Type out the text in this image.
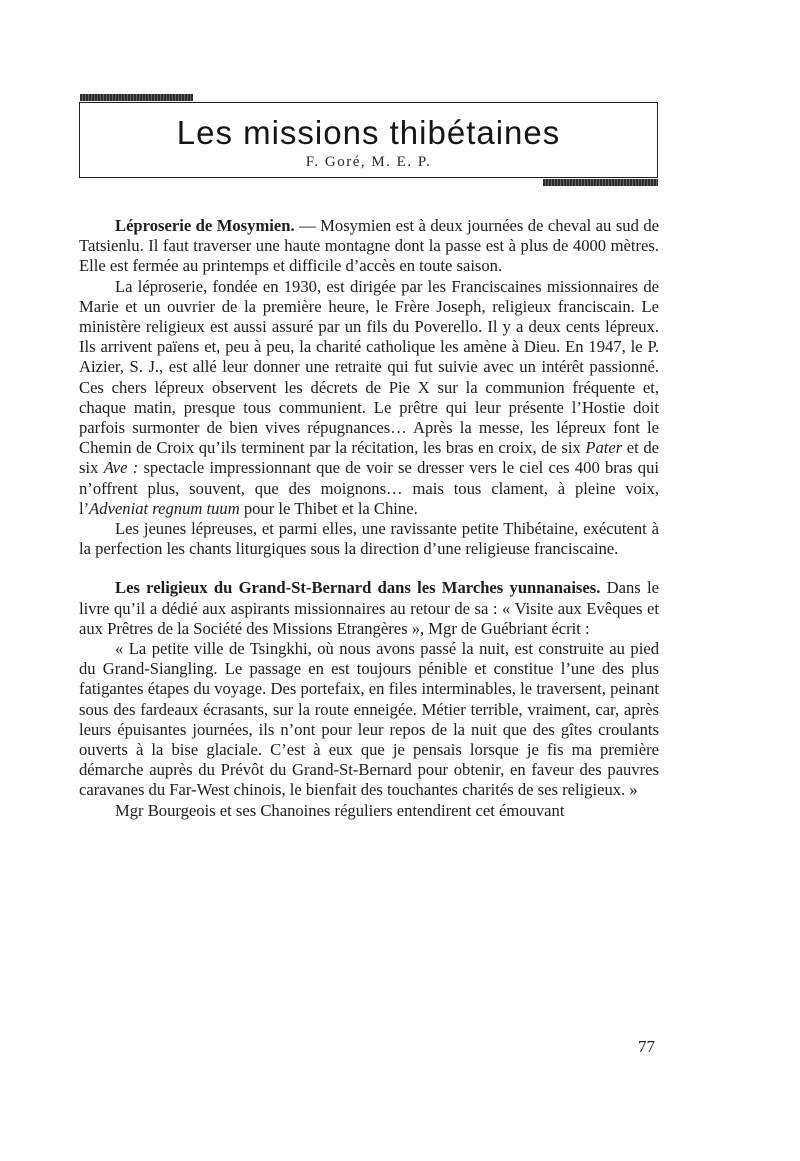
Les missions thibétaines
F. Goré, M. E. P.

Léproserie de Mosymien. — Mosymien est à deux journées de cheval au sud de Tatsienlu. Il faut traverser une haute montagne dont la passe est à plus de 4000 mètres. Elle est fermée au printemps et difficile d’accès en toute saison.

La léproserie, fondée en 1930, est dirigée par les Franciscaines missionnaires de Marie et un ouvrier de la première heure, le Frère Joseph, religieux franciscain. Le ministère religieux est aussi assuré par un fils du Poverello. Il y a deux cents lépreux. Ils arrivent païens et, peu à peu, la charité catholique les amène à Dieu. En 1947, le P. Aizier, S. J., est allé leur donner une retraite qui fut suivie avec un intérêt passionné. Ces chers lépreux observent les décrets de Pie X sur la communion fréquente et, chaque matin, presque tous communient. Le prêtre qui leur présente l’Hostie doit parfois surmonter de bien vives répugnances… Après la messe, les lépreux font le Chemin de Croix qu’ils terminent par la récitation, les bras en croix, de six Pater et de six Ave : spectacle impressionnant que de voir se dresser vers le ciel ces 400 bras qui n’offrent plus, souvent, que des moignons… mais tous clament, à pleine voix, l’Adveniat regnum tuum pour le Thibet et la Chine.

Les jeunes lépreuses, et parmi elles, une ravissante petite Thibétaine, exécutent à la perfection les chants liturgiques sous la direction d’une religieuse franciscaine.

Les religieux du Grand-St-Bernard dans les Marches yunnanaises. Dans le livre qu’il a dédié aux aspirants missionnaires au retour de sa : « Visite aux Evêques et aux Prêtres de la Société des Missions Etrangères », Mgr de Guébriant écrit :

« La petite ville de Tsingkhi, où nous avons passé la nuit, est construite au pied du Grand-Siangling. Le passage en est toujours pénible et constitue l’une des plus fatigantes étapes du voyage. Des portefaix, en files interminables, le traversent, peinant sous des fardeaux écrasants, sur la route enneigée. Métier terrible, vraiment, car, après leurs épuisantes journées, ils n’ont pour leur repos de la nuit que des gîtes croulants ouverts à la bise glaciale. C’est à eux que je pensais lorsque je fis ma première démarche auprès du Prévôt du Grand-St-Bernard pour obtenir, en faveur des pauvres caravanes du Far-West chinois, le bienfait des touchantes charités de ses religieux. »

Mgr Bourgeois et ses Chanoines réguliers entendirent cet émouvant

77
